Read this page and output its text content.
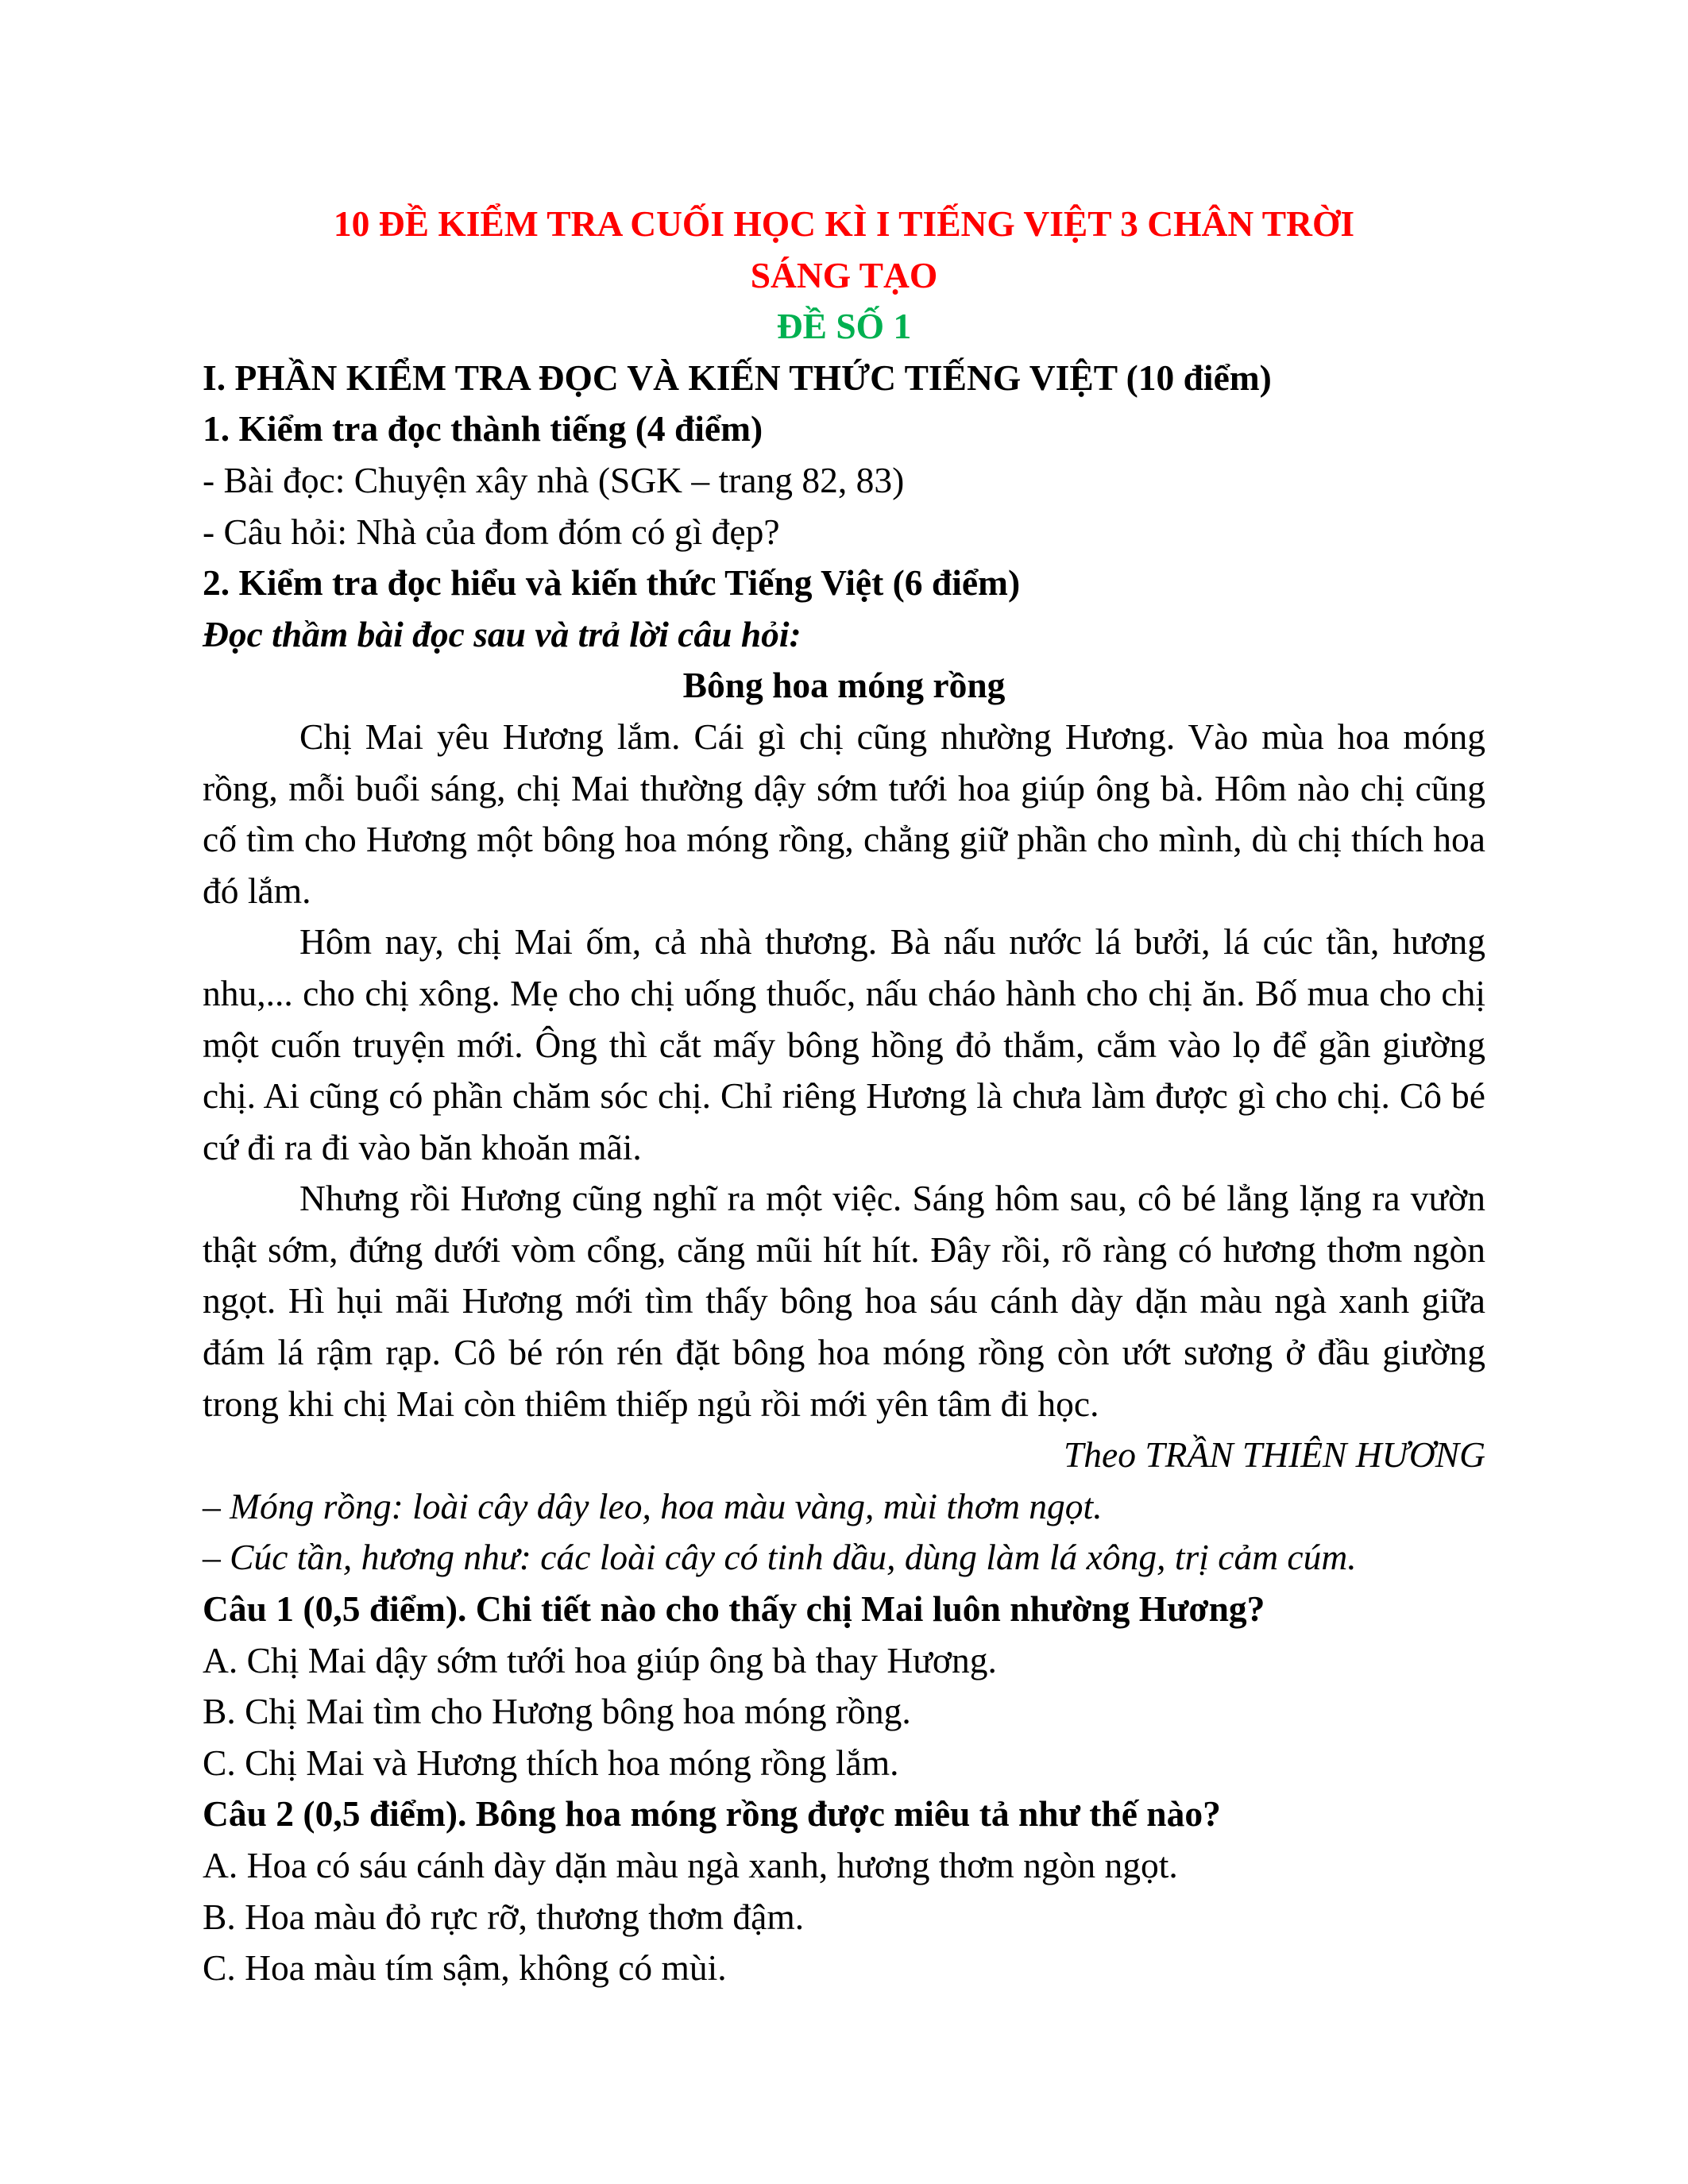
10 ĐỀ KIỂM TRA CUỐI HỌC KÌ I TIẾNG VIỆT 3 CHÂN TRỜI

SÁNG TẠO

ĐỀ SỐ 1

I. PHẦN KIỂM TRA ĐỌC VÀ KIẾN THỨC TIẾNG VIỆT (10 điểm)

1. Kiểm tra đọc thành tiếng (4 điểm)

- Bài đọc: Chuyện xây nhà (SGK – trang 82, 83)

- Câu hỏi: Nhà của đom đóm có gì đẹp?

2. Kiểm tra đọc hiểu và kiến thức Tiếng Việt (6 điểm)

Đọc thầm bài đọc sau và trả lời câu hỏi:

Bông hoa móng rồng

Chị Mai yêu Hương lắm. Cái gì chị cũng nhường Hương. Vào mùa hoa móng rồng, mỗi buổi sáng, chị Mai thường dậy sớm tưới hoa giúp ông bà. Hôm nào chị cũng cố tìm cho Hương một bông hoa móng rồng, chẳng giữ phần cho mình, dù chị thích hoa đó lắm.

Hôm nay, chị Mai ốm, cả nhà thương. Bà nấu nước lá bưởi, lá cúc tần, hương nhu,... cho chị xông. Mẹ cho chị uống thuốc, nấu cháo hành cho chị ăn. Bố mua cho chị một cuốn truyện mới. Ông thì cắt mấy bông hồng đỏ thắm, cắm vào lọ để gần giường chị. Ai cũng có phần chăm sóc chị. Chỉ riêng Hương là chưa làm được gì cho chị. Cô bé cứ đi ra đi vào băn khoăn mãi.

Nhưng rồi Hương cũng nghĩ ra một việc. Sáng hôm sau, cô bé lẳng lặng ra vườn thật sớm, đứng dưới vòm cổng, căng mũi hít hít. Đây rồi, rõ ràng có hương thơm ngòn ngọt. Hì hụi mãi Hương mới tìm thấy bông hoa sáu cánh dày dặn màu ngà xanh giữa đám lá rậm rạp. Cô bé rón rén đặt bông hoa móng rồng còn ướt sương ở đầu giường trong khi chị Mai còn thiêm thiếp ngủ rồi mới yên tâm đi học.

Theo TRẦN THIÊN HƯƠNG

– Móng rồng: loài cây dây leo, hoa màu vàng, mùi thơm ngọt.

– Cúc tần, hương như: các loài cây có tinh dầu, dùng làm lá xông, trị cảm cúm.

Câu 1 (0,5 điểm). Chi tiết nào cho thấy chị Mai luôn nhường Hương?

A. Chị Mai dậy sớm tưới hoa giúp ông bà thay Hương.

B. Chị Mai tìm cho Hương bông hoa móng rồng.

C. Chị Mai và Hương thích hoa móng rồng lắm.

Câu 2 (0,5 điểm). Bông hoa móng rồng được miêu tả như thế nào?

A. Hoa có sáu cánh dày dặn màu ngà xanh, hương thơm ngòn ngọt.

B. Hoa màu đỏ rực rỡ, thương thơm đậm.

C. Hoa màu tím sậm, không có mùi.
